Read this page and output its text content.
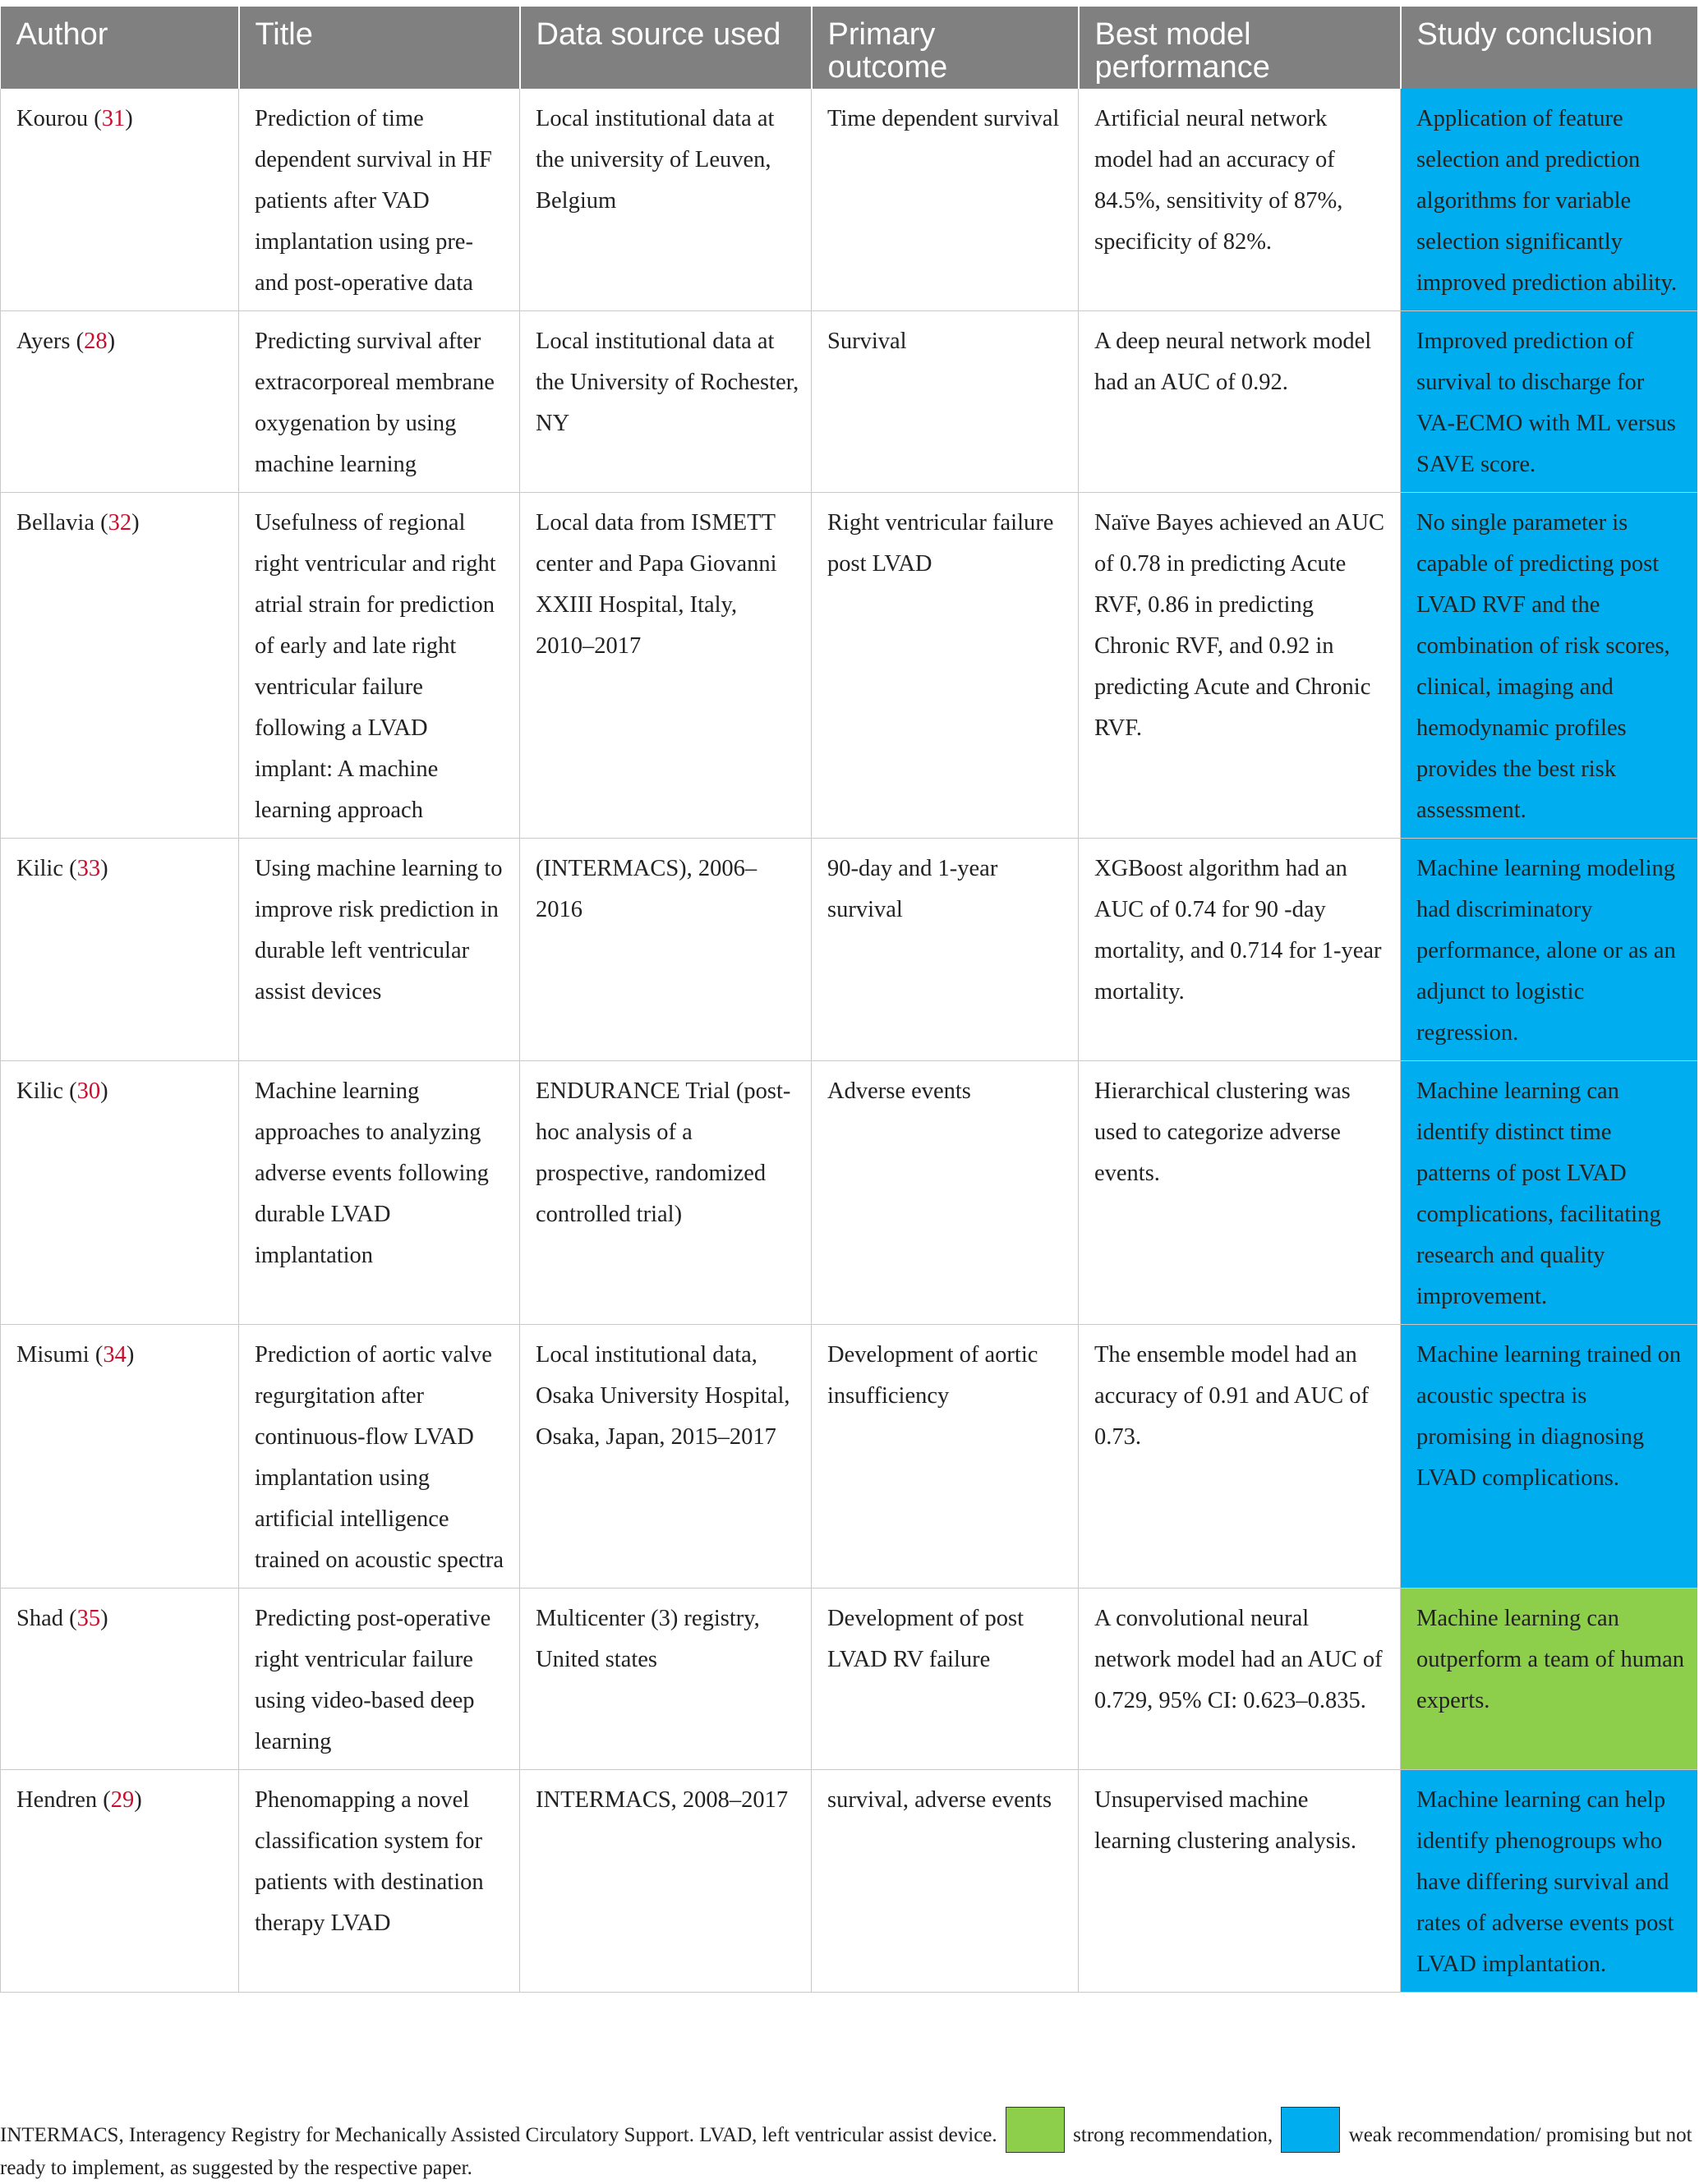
Author	Title	Data source used	Primary outcome	Best model performance	Study conclusion
Kourou (31)	Prediction of time dependent survival in HF patients after VAD implantation using pre- and post-operative data	Local institutional data at the university of Leuven, Belgium	Time dependent survival	Artificial neural network model had an accuracy of 84.5%, sensitivity of 87%, specificity of 82%.	Application of feature selection and prediction algorithms for variable selection significantly improved prediction ability.
Ayers (28)	Predicting survival after extracorporeal membrane oxygenation by using machine learning	Local institutional data at the University of Rochester, NY	Survival	A deep neural network model had an AUC of 0.92.	Improved prediction of survival to discharge for VA-ECMO with ML versus SAVE score.
Bellavia (32)	Usefulness of regional right ventricular and right atrial strain for prediction of early and late right ventricular failure following a LVAD implant: A machine learning approach	Local data from ISMETT center and Papa Giovanni XXIII Hospital, Italy, 2010–2017	Right ventricular failure post LVAD	Naïve Bayes achieved an AUC of 0.78 in predicting Acute RVF, 0.86 in predicting Chronic RVF, and 0.92 in predicting Acute and Chronic RVF.	No single parameter is capable of predicting post LVAD RVF and the combination of risk scores, clinical, imaging and hemodynamic profiles provides the best risk assessment.
Kilic (33)	Using machine learning to improve risk prediction in durable left ventricular assist devices	(INTERMACS), 2006–2016	90-day and 1-year survival	XGBoost algorithm had an AUC of 0.74 for 90 -day mortality, and 0.714 for 1-year mortality.	Machine learning modeling had discriminatory performance, alone or as an adjunct to logistic regression.
Kilic (30)	Machine learning approaches to analyzing adverse events following durable LVAD implantation	ENDURANCE Trial (post-hoc analysis of a prospective, randomized controlled trial)	Adverse events	Hierarchical clustering was used to categorize adverse events.	Machine learning can identify distinct time patterns of post LVAD complications, facilitating research and quality improvement.
Misumi (34)	Prediction of aortic valve regurgitation after continuous-flow LVAD implantation using artificial intelligence trained on acoustic spectra	Local institutional data, Osaka University Hospital, Osaka, Japan, 2015–2017	Development of aortic insufficiency	The ensemble model had an accuracy of 0.91 and AUC of 0.73.	Machine learning trained on acoustic spectra is promising in diagnosing LVAD complications.
Shad (35)	Predicting post-operative right ventricular failure using video-based deep learning	Multicenter (3) registry, United states	Development of post LVAD RV failure	A convolutional neural network model had an AUC of 0.729, 95% CI: 0.623–0.835.	Machine learning can outperform a team of human experts.
Hendren (29)	Phenomapping a novel classification system for patients with destination therapy LVAD	INTERMACS, 2008–2017	survival, adverse events	Unsupervised machine learning clustering analysis.	Machine learning can help identify phenogroups who have differing survival and rates of adverse events post LVAD implantation.
INTERMACS, Interagency Registry for Mechanically Assisted Circulatory Support. LVAD, left ventricular assist device.	strong recommendation,	weak recommendation/ promising but not ready to implement, as suggested by the respective paper.
